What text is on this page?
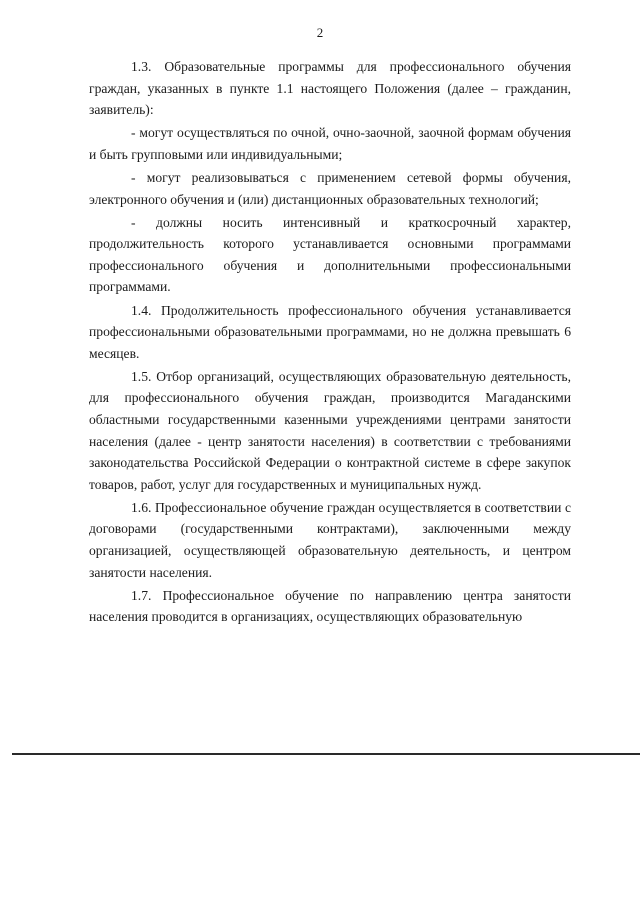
2

1.3. Образовательные программы для профессионального обучения граждан, указанных в пункте 1.1 настоящего Положения (далее – гражданин, заявитель):

- могут осуществляться по очной, очно-заочной, заочной формам обучения и быть групповыми или индивидуальными;

- могут реализовываться с применением сетевой формы обучения, электронного обучения и (или) дистанционных образовательных технологий;

- должны носить интенсивный и краткосрочный характер, продолжительность которого устанавливается основными программами профессионального обучения и дополнительными профессиональными программами.

1.4. Продолжительность профессионального обучения устанавливается профессиональными образовательными программами, но не должна превышать 6 месяцев.

1.5. Отбор организаций, осуществляющих образовательную деятельность, для профессионального обучения граждан, производится Магаданскими областными государственными казенными учреждениями центрами занятости населения (далее - центр занятости населения) в соответствии с требованиями законодательства Российской Федерации о контрактной системе в сфере закупок товаров, работ, услуг для государственных и муниципальных нужд.

1.6. Профессиональное обучение граждан осуществляется в соответствии с договорами (государственными контрактами), заключенными между организацией, осуществляющей образовательную деятельность, и центром занятости населения.

1.7. Профессиональное обучение по направлению центра занятости населения проводится в организациях, осуществляющих образовательную
